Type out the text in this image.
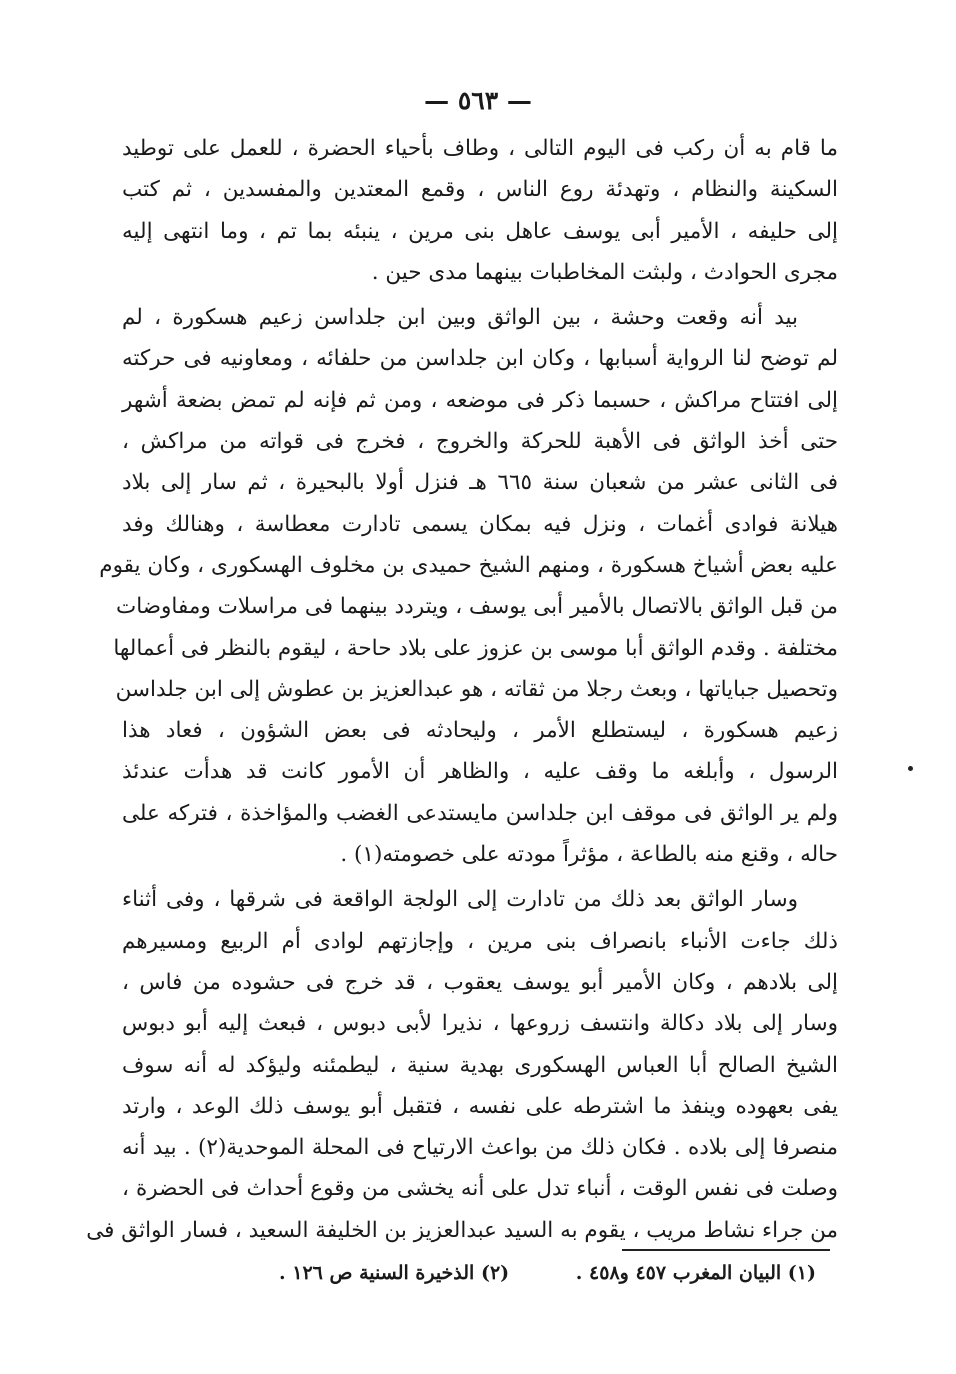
— ٥٦٣ —
ما قام به أن ركب فى اليوم التالى ، وطاف بأحياء الحضرة ، للعمل على توطيد
السكينة والنظام ، وتهدئة روع الناس ، وقمع المعتدين والمفسدين ، ثم كتب
إلى حليفه ، الأمير أبى يوسف عاهل بنى مرين ، ينبئه بما تم ، وما انتهى إليه
مجرى الحوادث ، ولبثت المخاطبات بينهما مدى حين .
بيد أنه وقعت وحشة ، بين الواثق وبين ابن جلداسن زعيم هسكورة ، لم
لم توضح لنا الرواية أسبابها ، وكان ابن جلداسن من حلفائه ، ومعاونيه فى حركته
إلى افتتاح مراكش ، حسبما ذكر فى موضعه ، ومن ثم فإنه لم تمض بضعة أشهر
حتى أخذ الواثق فى الأهبة للحركة والخروج ، فخرج فى قواته من مراكش ،
فى الثانى عشر من شعبان سنة ٦٦٥ هـ فنزل أولا بالبحيرة ، ثم سار إلى بلاد
هيلانة فوادى أغمات ، ونزل فيه بمكان يسمى تادارت معطاسة ، وهنالك وفد
عليه بعض أشياخ هسكورة ، ومنهم الشيخ حميدى بن مخلوف الهسكورى ، وكان يقوم
من قبل الواثق بالاتصال بالأمير أبى يوسف ، ويتردد بينهما فى مراسلات ومفاوضات
مختلفة . وقدم الواثق أبا موسى بن عزوز على بلاد حاحة ، ليقوم بالنظر فى أعمالها
وتحصيل جباياتها ، وبعث رجلا من ثقاته ، هو عبدالعزيز بن عطوش إلى ابن جلداسن
زعيم هسكورة ، ليستطلع الأمر ، وليحادثه فى بعض الشؤون ، فعاد هذا
الرسول ، وأبلغه ما وقف عليه ، والظاهر أن الأمور كانت قد هدأت عندئذ
ولم ير الواثق فى موقف ابن جلداسن مايستدعى الغضب والمؤاخذة ، فتركه على
حاله ، وقنع منه بالطاعة ، مؤثراً مودته على خصومته(١) .
وسار الواثق بعد ذلك من تادارت إلى الولجة الواقعة فى شرقها ، وفى أثناء
ذلك جاءت الأنباء بانصراف بنى مرين ، وإجازتهم لوادى أم الربيع ومسيرهم
إلى بلادهم ، وكان الأمير أبو يوسف يعقوب ، قد خرج فى حشوده من فاس ،
وسار إلى بلاد دكالة وانتسف زروعها ، نذيرا لأبى دبوس ، فبعث إليه أبو دبوس
الشيخ الصالح أبا العباس الهسكورى بهدية سنية ، ليطمئنه وليؤكد له أنه سوف
يفى بعهوده وينفذ ما اشترطه على نفسه ، فتقبل أبو يوسف ذلك الوعد ، وارتد
منصرفا إلى بلاده . فكان ذلك من بواعث الارتياح فى المحلة الموحدية(٢) . بيد أنه
وصلت فى نفس الوقت ، أنباء تدل على أنه يخشى من وقوع أحداث فى الحضرة ،
من جراء نشاط مريب ، يقوم به السيد عبدالعزيز بن الخليفة السعيد ، فسار الواثق فى
(١) البيان المغرب ٤٥٧ و٤٥٨ . (٢) الذخيرة السنية ص ١٢٦ .
